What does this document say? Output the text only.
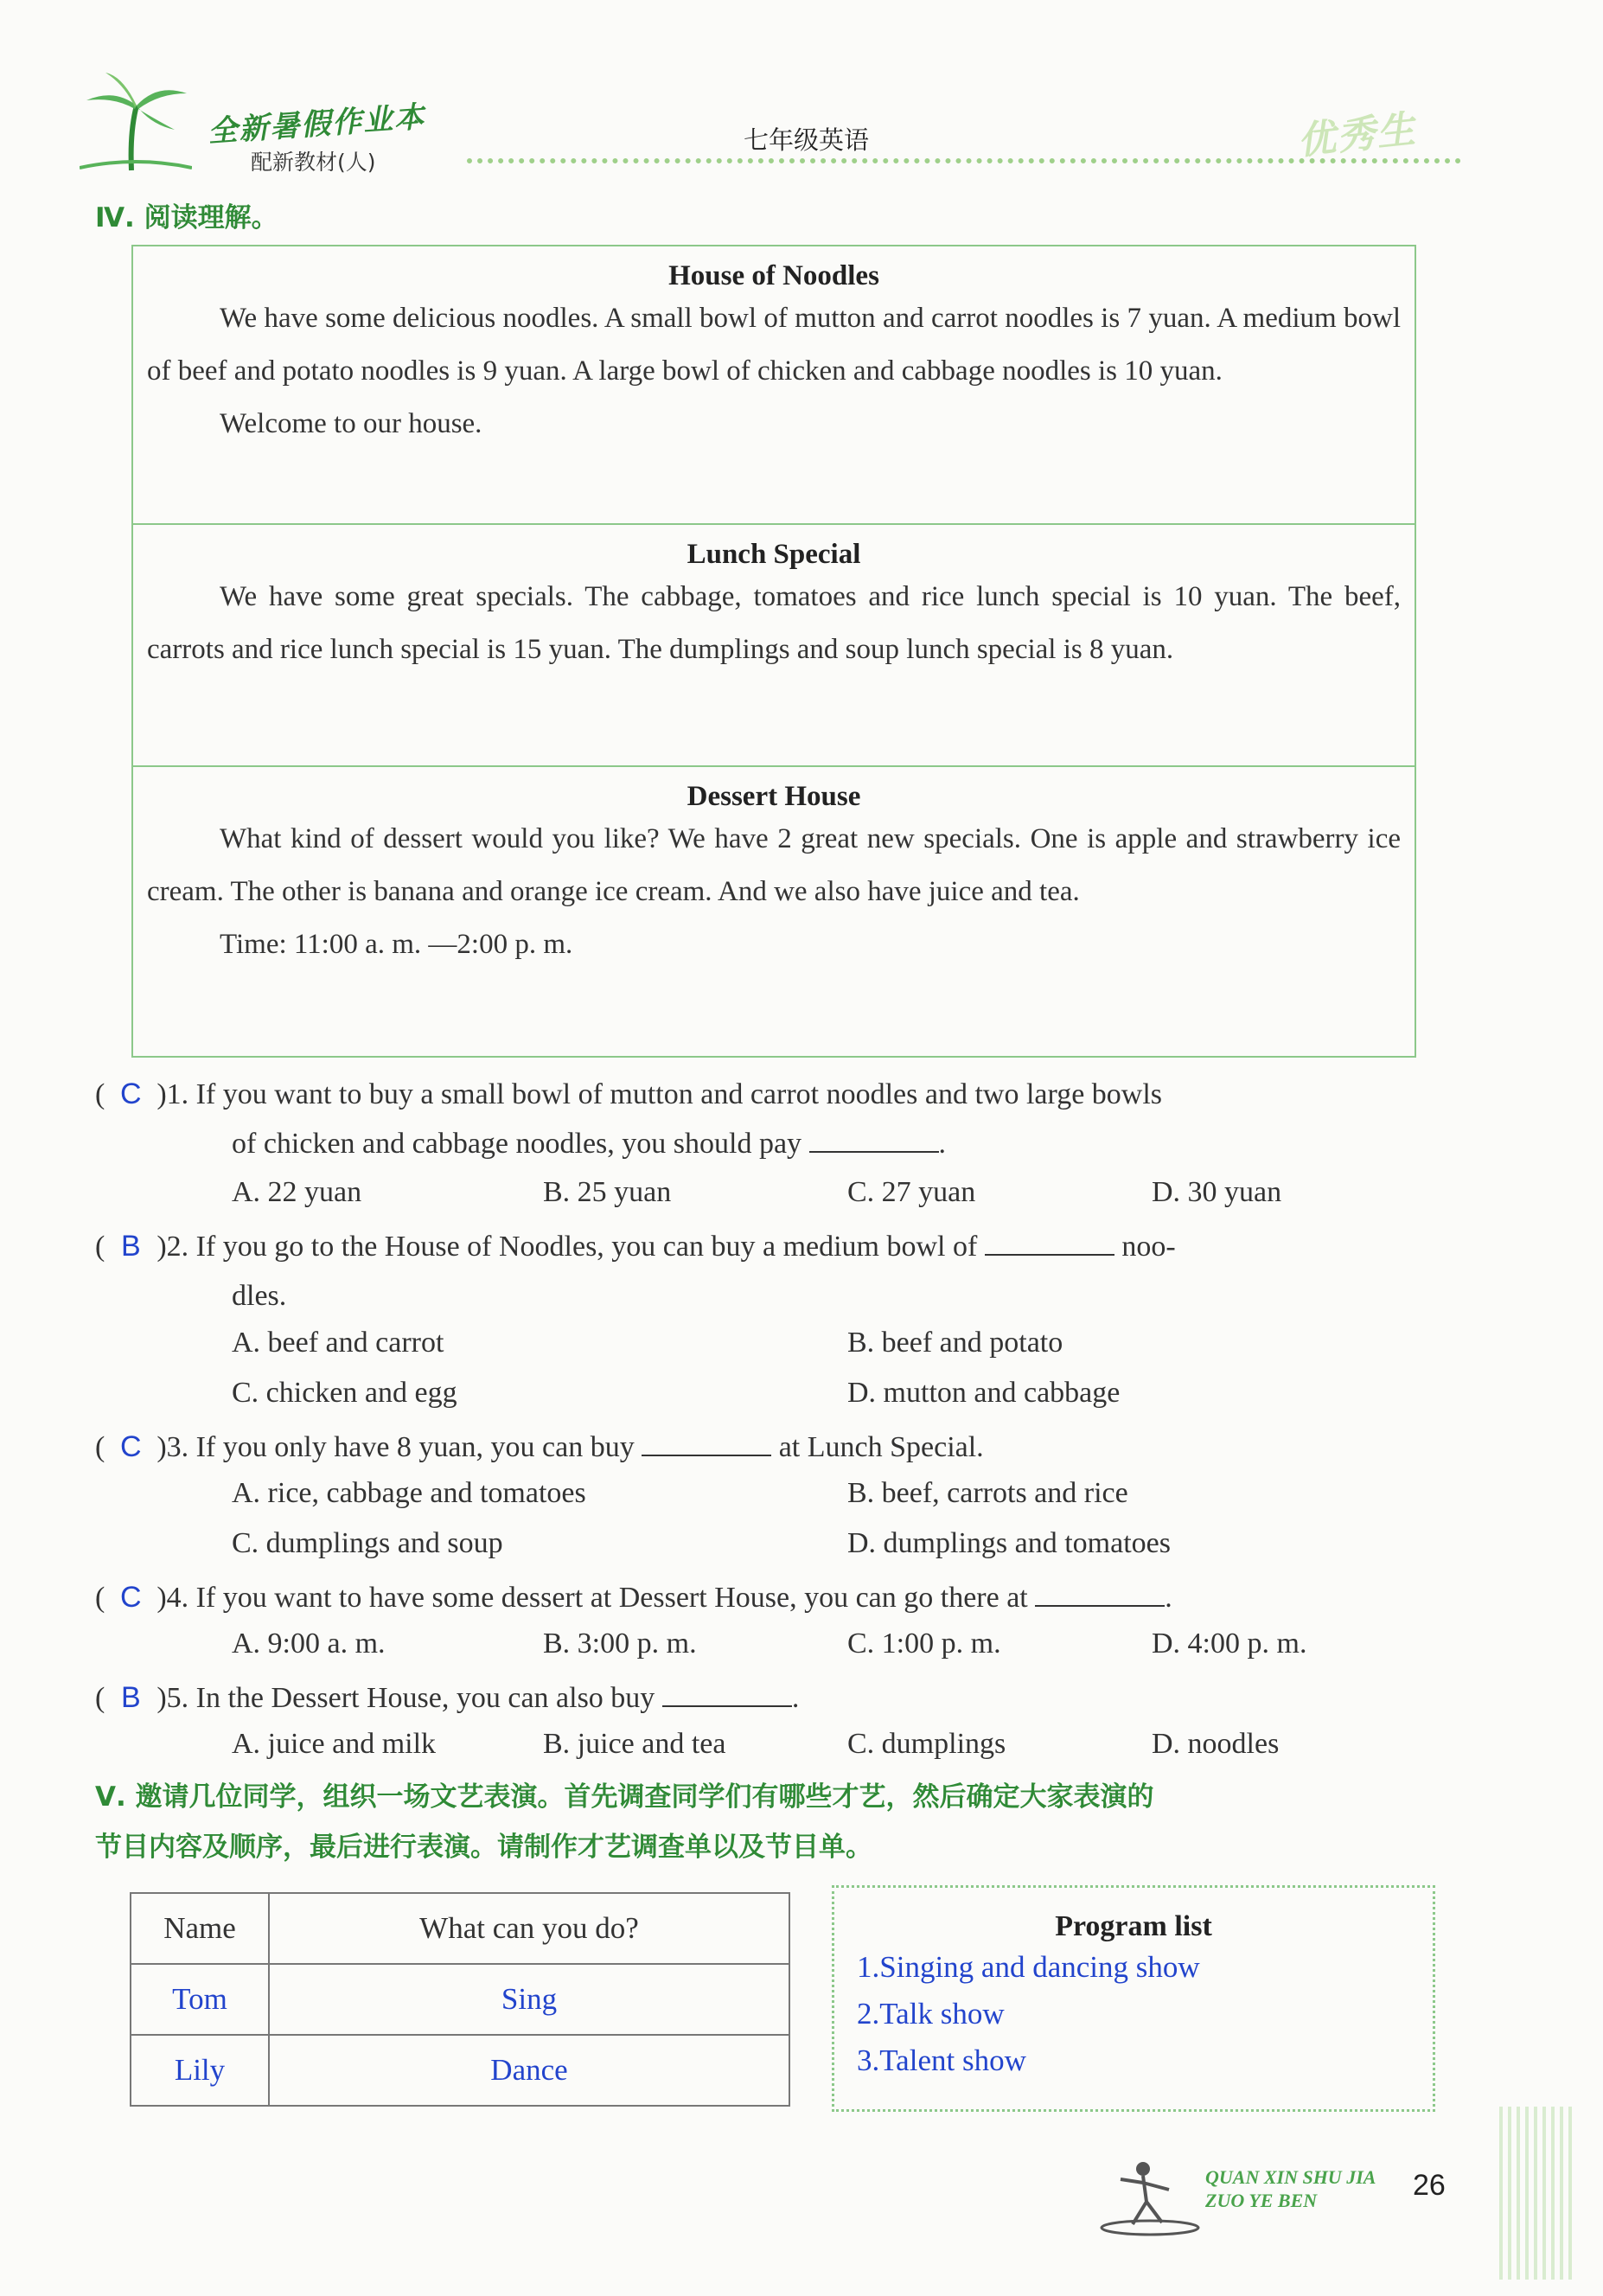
全新暑假作业本
配新教材(人)
七年级英语	优秀生
Ⅳ. 阅读理解。
House of Noodles

We have some delicious noodles. A small bowl of mutton and carrot noodles is 7 yuan. A medium bowl of beef and potato noodles is 9 yuan. A large bowl of chicken and cabbage noodles is 10 yuan.

Welcome to our house.

Lunch Special

We have some great specials. The cabbage, tomatoes and rice lunch special is 10 yuan. The beef, carrots and rice lunch special is 15 yuan. The dumplings and soup lunch special is 8 yuan.

Dessert House

What kind of dessert would you like? We have 2 great new specials. One is apple and strawberry ice cream. The other is banana and orange ice cream. And we also have juice and tea.

Time: 11:00 a. m. —2:00 p. m.

( C )1. If you want to buy a small bowl of mutton and carrot noodles and two large bowls
of chicken and cabbage noodles, you should pay	.
A. 22 yuan	B. 25 yuan	C. 27 yuan	D. 30 yuan
( B )2. If you go to the House of Noodles, you can buy a medium bowl of	noo-
dles.
A. beef and carrot	B. beef and potato
C. chicken and egg	D. mutton and cabbage
( C )3. If you only have 8 yuan, you can buy	at Lunch Special.
A. rice, cabbage and tomatoes	B. beef, carrots and rice
C. dumplings and soup	D. dumplings and tomatoes
( C )4. If you want to have some dessert at Dessert House, you can go there at	.
A. 9:00 a. m.	B. 3:00 p. m.	C. 1:00 p. m.	D. 4:00 p. m.
( B )5. In the Dessert House, you can also buy	.
A. juice and milk	B. juice and tea	C. dumplings	D. noodles
Ⅴ. 邀请几位同学，组织一场文艺表演。首先调查同学们有哪些才艺，然后确定大家表演的
节目内容及顺序，最后进行表演。请制作才艺调查单以及节目单。
Name	What can you do?
Tom	Sing
Lily	Dance
Program list
1.Singing and dancing show
2.Talk show
3.Talent show
QUAN XIN SHU JIA
ZUO YE BEN	26
